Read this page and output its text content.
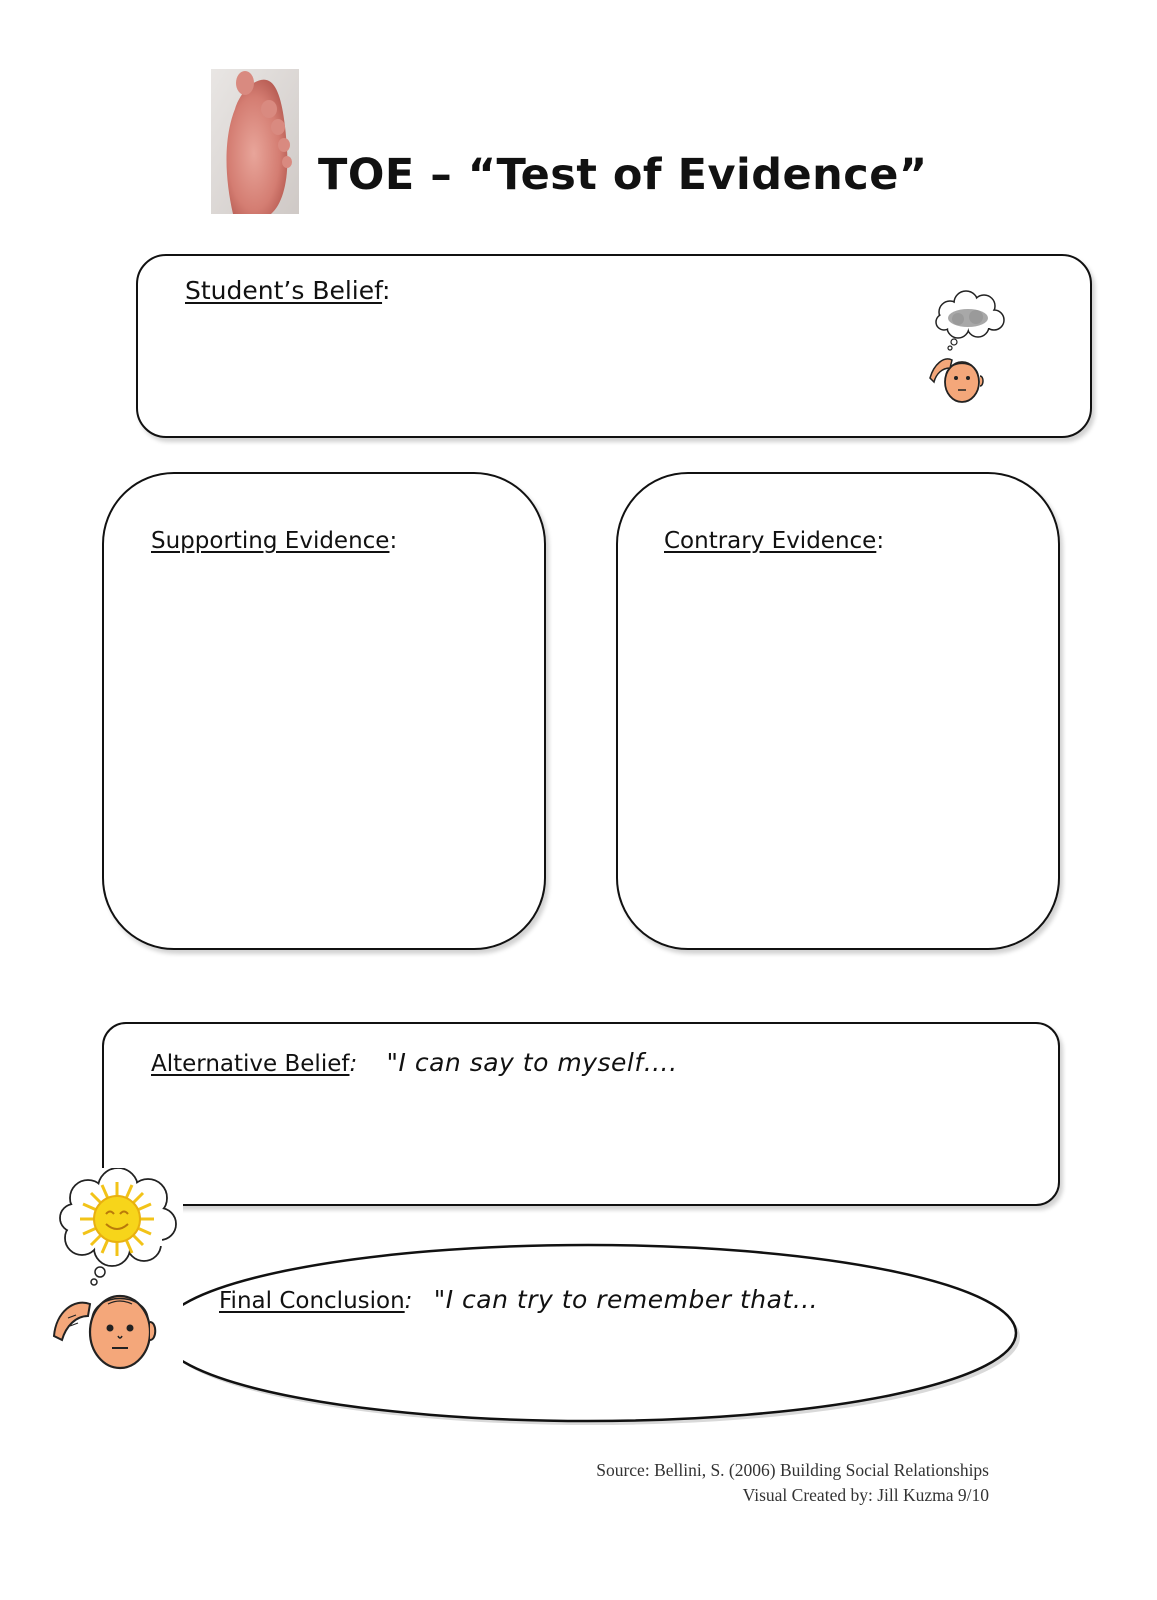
TOE – “Test of Evidence”
Student’s Belief:
Supporting Evidence:	Contrary Evidence:
Alternative Belief: "I can say to myself….
Final Conclusion: "I can try to remember that…
Source: Bellini, S. (2006) Building Social Relationships
Visual Created by: Jill Kuzma 9/10
